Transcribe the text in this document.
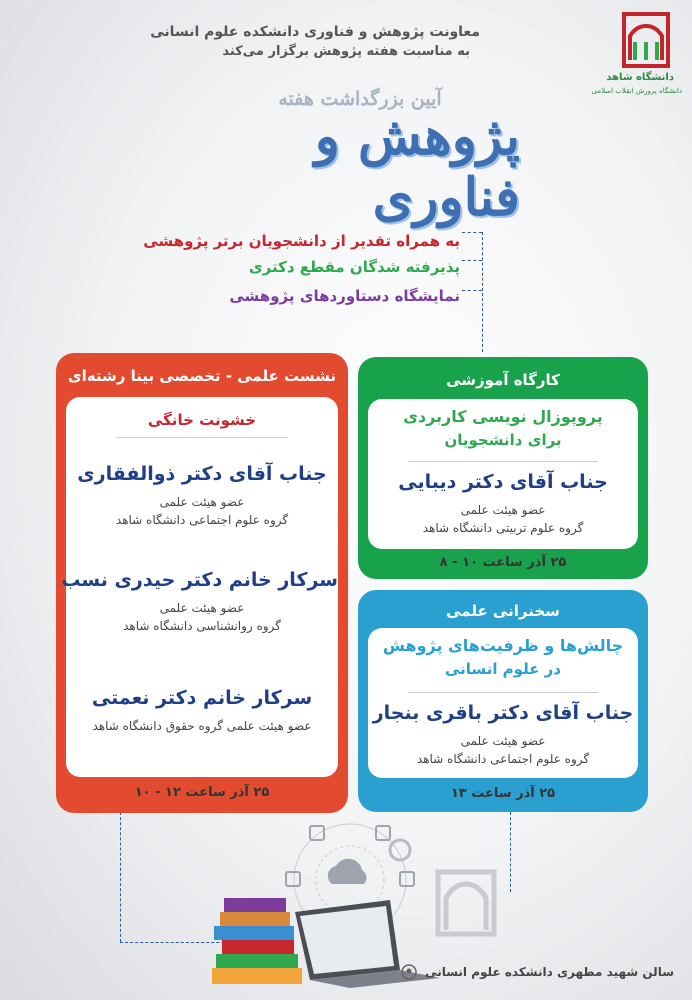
دانشگاه شاهد
دانشگاه پرورش انقلاب اسلامی
معاونت پژوهش و فناوری دانشکده علوم انسانی
به مناسبت هفته پژوهش برگزار می‌کند
آیین بزرگداشت هفته
پژوهش و فناوری
به همراه تقدیر از دانشجویان برتر پژوهشی
پذیرفته شدگان مقطع دکتری
نمایشگاه دستاوردهای پژوهشی
نشست علمی - تخصصی بینا رشته‌ای
خشونت خانگی
جناب آقای دکتر ذوالفقاری
عضو هیئت علمی
گروه علوم اجتماعی دانشگاه شاهد
سرکار خانم دکتر حیدری نسب
عضو هیئت علمی
گروه روانشناسی دانشگاه شاهد
سرکار خانم دکتر نعمتی
عضو هیئت علمی گروه حقوق دانشگاه شاهد
۲۵ آذر ساعت ۱۲ - ۱۰
کارگاه آموزشی
پروپوزال نویسی کاربردی
برای دانشجویان
جناب آقای دکتر دیبایی
عضو هیئت علمی
گروه علوم تربیتی دانشگاه شاهد
۲۵ آذر ساعت ۱۰ - ۸
سخنرانی علمی
چالش‌ها و ظرفیت‌های پژوهش
در علوم انسانی
جناب آقای دکتر باقری بنجار
عضو هیئت علمی
گروه علوم اجتماعی دانشگاه شاهد
۲۵ آذر ساعت ۱۳
سالن شهید مطهری دانشکده علوم انسانی
